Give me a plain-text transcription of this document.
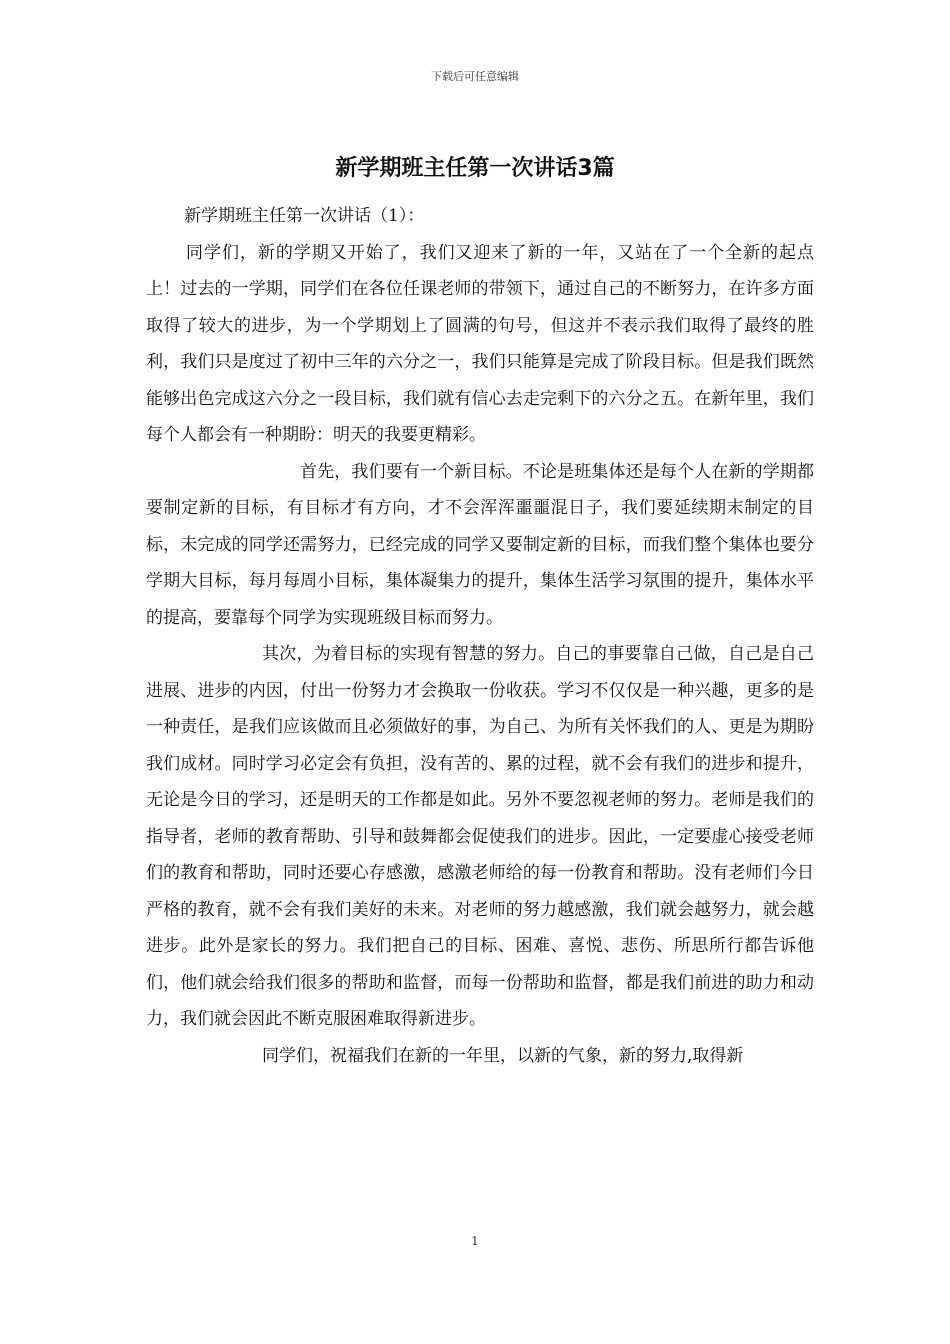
下载后可任意编辑
新学期班主任第一次讲话3篇

新学期班主任第一次讲话（1）：

同学们，新的学期又开始了，我们又迎来了新的一年，又站在了一个全新的起点上！过去的一学期，同学们在各位任课老师的带领下，通过自己的不断努力，在许多方面取得了较大的进步，为一个学期划上了圆满的句号，但这并不表示我们取得了最终的胜利，我们只是度过了初中三年的六分之一，我们只能算是完成了阶段目标。但是我们既然能够出色完成这六分之一段目标，我们就有信心去走完剩下的六分之五。在新年里，我们每个人都会有一种期盼：明天的我要更精彩。

首先，我们要有一个新目标。不论是班集体还是每个人在新的学期都要制定新的目标，有目标才有方向，才不会浑浑噩噩混日子，我们要延续期末制定的目标，未完成的同学还需努力，已经完成的同学又要制定新的目标，而我们整个集体也要分学期大目标，每月每周小目标，集体凝集力的提升，集体生活学习氛围的提升，集体水平的提高，要靠每个同学为实现班级目标而努力。

其次，为着目标的实现有智慧的努力。自己的事要靠自己做，自己是自己进展、进步的内因，付出一份努力才会换取一份收获。学习不仅仅是一种兴趣，更多的是一种责任，是我们应该做而且必须做好的事，为自己、为所有关怀我们的人、更是为期盼我们成材。同时学习必定会有负担，没有苦的、累的过程，就不会有我们的进步和提升，无论是今日的学习，还是明天的工作都是如此。另外不要忽视老师的努力。老师是我们的指导者，老师的教育帮助、引导和鼓舞都会促使我们的进步。因此，一定要虚心接受老师们的教育和帮助，同时还要心存感激，感激老师给的每一份教育和帮助。没有老师们今日严格的教育，就不会有我们美好的未来。对老师的努力越感激，我们就会越努力，就会越进步。此外是家长的努力。我们把自己的目标、困难、喜悦、悲伤、所思所行都告诉他们，他们就会给我们很多的帮助和监督，而每一份帮助和监督，都是我们前进的助力和动力，我们就会因此不断克服困难取得新进步。

同学们，祝福我们在新的一年里，以新的气象，新的努力,取得新

1
